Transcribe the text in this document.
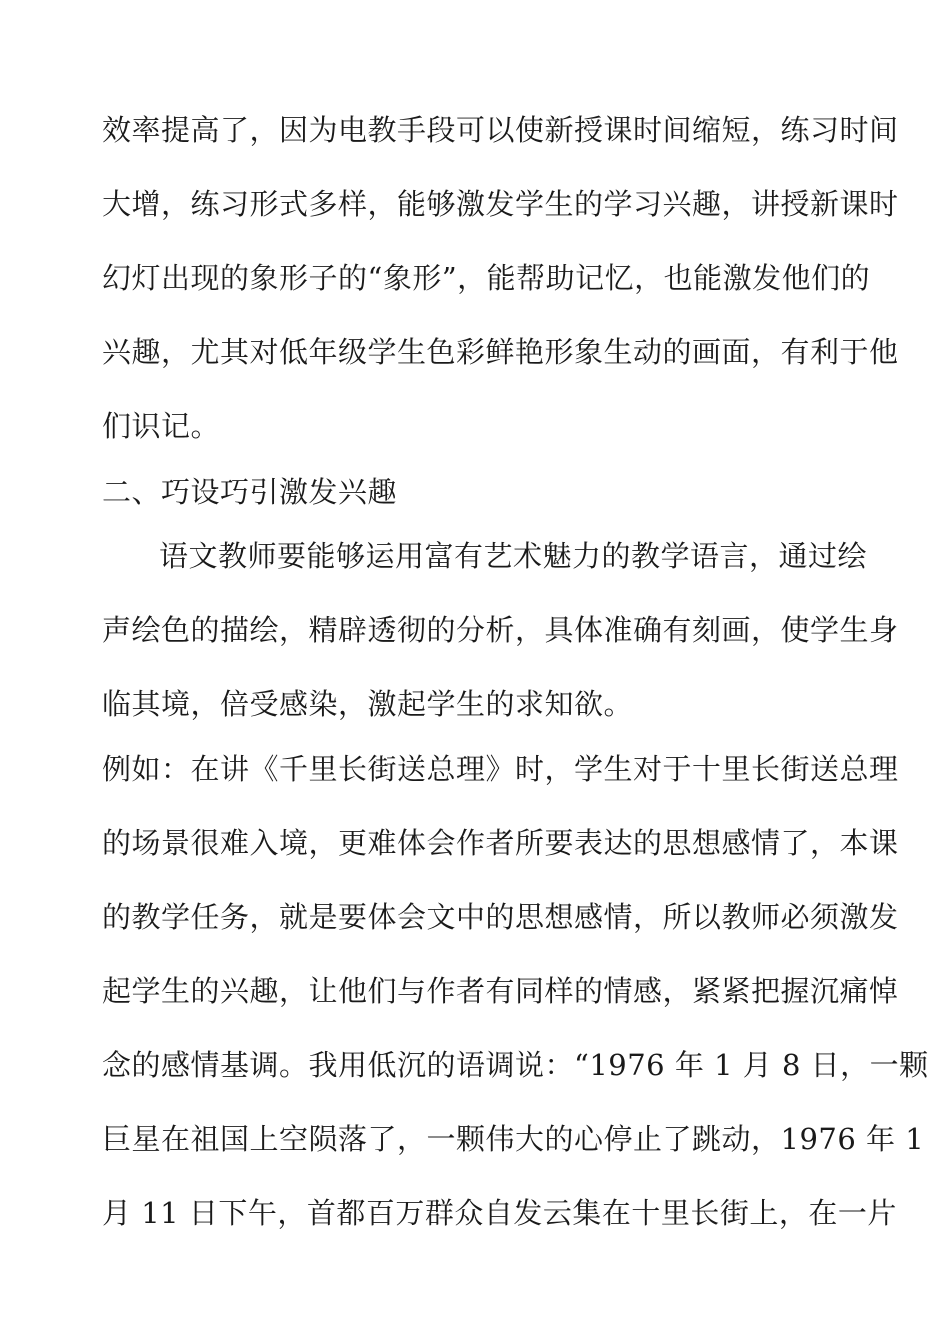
效率提高了，因为电教手段可以使新授课时间缩短，练习时间
大增，练习形式多样，能够激发学生的学习兴趣，讲授新课时
幻灯出现的象形子的“象形”，能帮助记忆，也能激发他们的
兴趣，尤其对低年级学生色彩鲜艳形象生动的画面，有利于他
们识记。
二、巧设巧引激发兴趣
语文教师要能够运用富有艺术魅力的教学语言，通过绘
声绘色的描绘，精辟透彻的分析，具体准确有刻画，使学生身
临其境，倍受感染，激起学生的求知欲。
例如：在讲《千里长街送总理》时，学生对于十里长街送总理
的场景很难入境，更难体会作者所要表达的思想感情了，本课
的教学任务，就是要体会文中的思想感情，所以教师必须激发
起学生的兴趣，让他们与作者有同样的情感，紧紧把握沉痛悼
念的感情基调。我用低沉的语调说：“1976 年 1 月 8 日，一颗
巨星在祖国上空陨落了，一颗伟大的心停止了跳动，1976 年 1
月 11 日下午，首都百万群众自发云集在十里长街上，在一片
